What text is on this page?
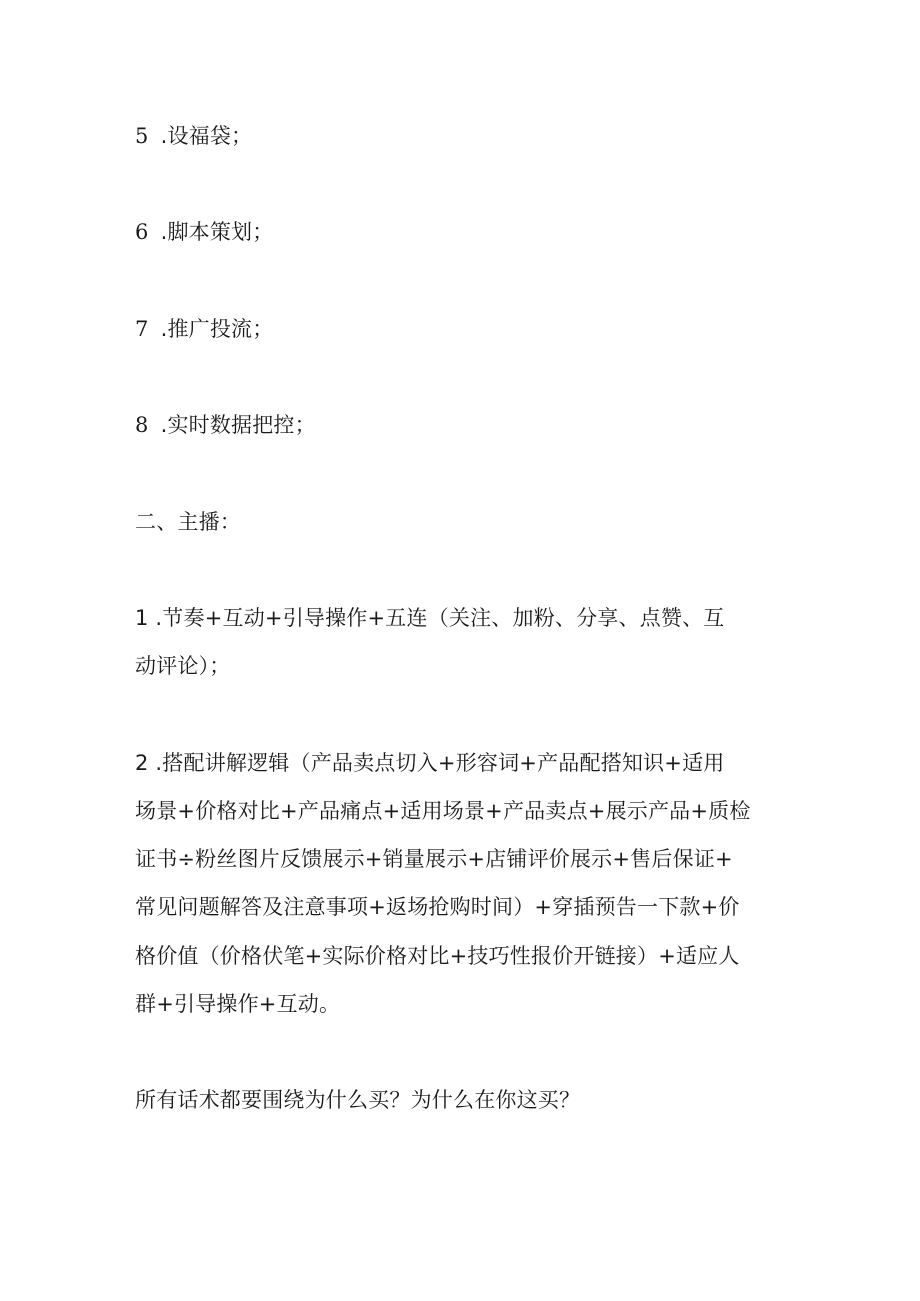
5 .设福袋；
6 .脚本策划；
7 .推广投流；
8 .实时数据把控；
二、主播：
1 .节奏+互动+引导操作+五连（关注、加粉、分享、点赞、互
动评论）；
2 .搭配讲解逻辑（产品卖点切入+形容词+产品配搭知识+适用
场景+价格对比+产品痛点+适用场景+产品卖点+展示产品+质检
证书÷粉丝图片反馈展示+销量展示+店铺评价展示+售后保证+
常见问题解答及注意事项+返场抢购时间）+穿插预告一下款+价
格价值（价格伏笔+实际价格对比+技巧性报价开链接）+适应人
群+引导操作+互动。
所有话术都要围绕为什么买？为什么在你这买？
